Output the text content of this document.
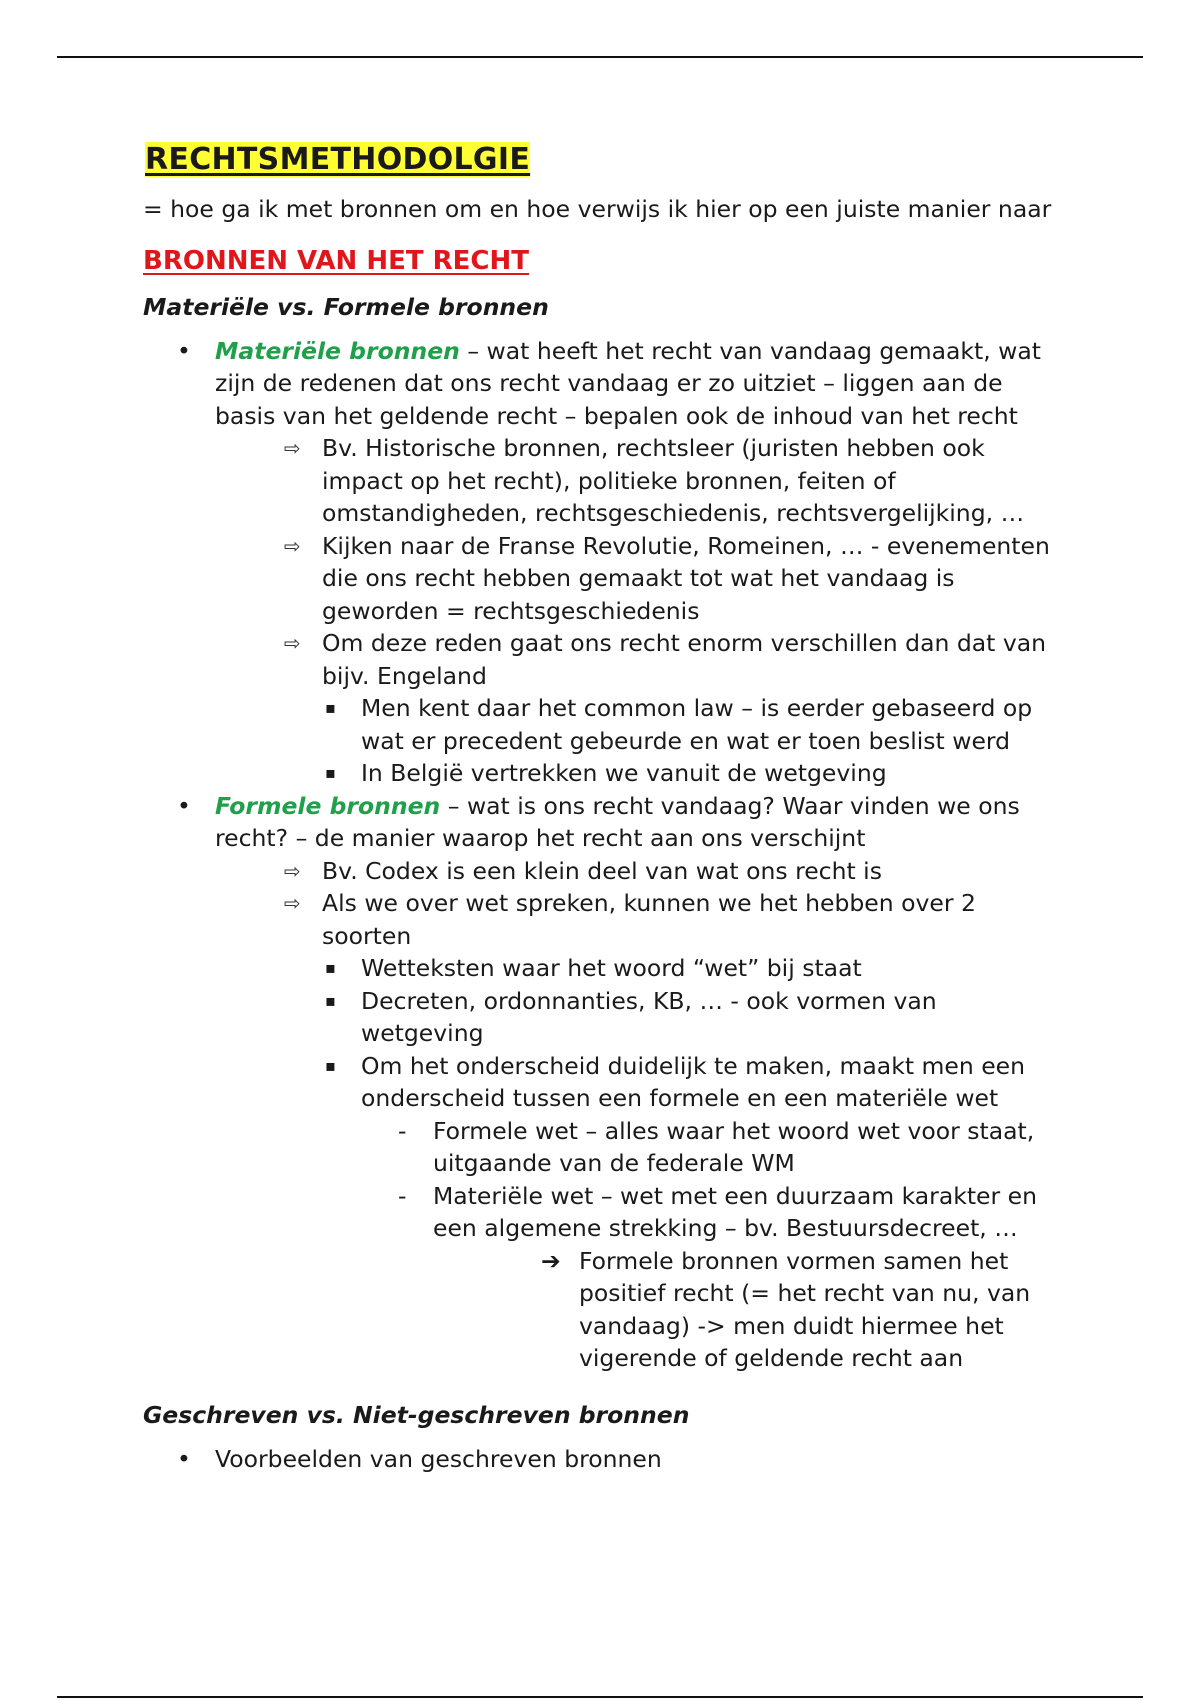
RECHTSMETHODOLGIE
= hoe ga ik met bronnen om en hoe verwijs ik hier op een juiste manier naar
BRONNEN VAN HET RECHT
Materiële vs. Formele bronnen
• Materiële bronnen – wat heeft het recht van vandaag gemaakt, wat zijn de redenen dat ons recht vandaag er zo uitziet – liggen aan de basis van het geldende recht – bepalen ook de inhoud van het recht
⇨ Bv. Historische bronnen, rechtsleer (juristen hebben ook impact op het recht), politieke bronnen, feiten of omstandigheden, rechtsgeschiedenis, rechtsvergelijking, …
⇨ Kijken naar de Franse Revolutie, Romeinen, … - evenementen die ons recht hebben gemaakt tot wat het vandaag is geworden = rechtsgeschiedenis
⇨ Om deze reden gaat ons recht enorm verschillen dan dat van bijv. Engeland
▪ Men kent daar het common law – is eerder gebaseerd op wat er precedent gebeurde en wat er toen beslist werd
▪ In België vertrekken we vanuit de wetgeving
• Formele bronnen – wat is ons recht vandaag? Waar vinden we ons recht? – de manier waarop het recht aan ons verschijnt
⇨ Bv. Codex is een klein deel van wat ons recht is
⇨ Als we over wet spreken, kunnen we het hebben over 2 soorten
▪ Wetteksten waar het woord “wet” bij staat
▪ Decreten, ordonnanties, KB, … - ook vormen van wetgeving
▪ Om het onderscheid duidelijk te maken, maakt men een onderscheid tussen een formele en een materiële wet
- Formele wet – alles waar het woord wet voor staat, uitgaande van de federale WM
- Materiële wet – wet met een duurzaam karakter en een algemene strekking – bv. Bestuursdecreet, …
➔ Formele bronnen vormen samen het positief recht (= het recht van nu, van vandaag) -> men duidt hiermee het vigerende of geldende recht aan
Geschreven vs. Niet-geschreven bronnen
• Voorbeelden van geschreven bronnen
